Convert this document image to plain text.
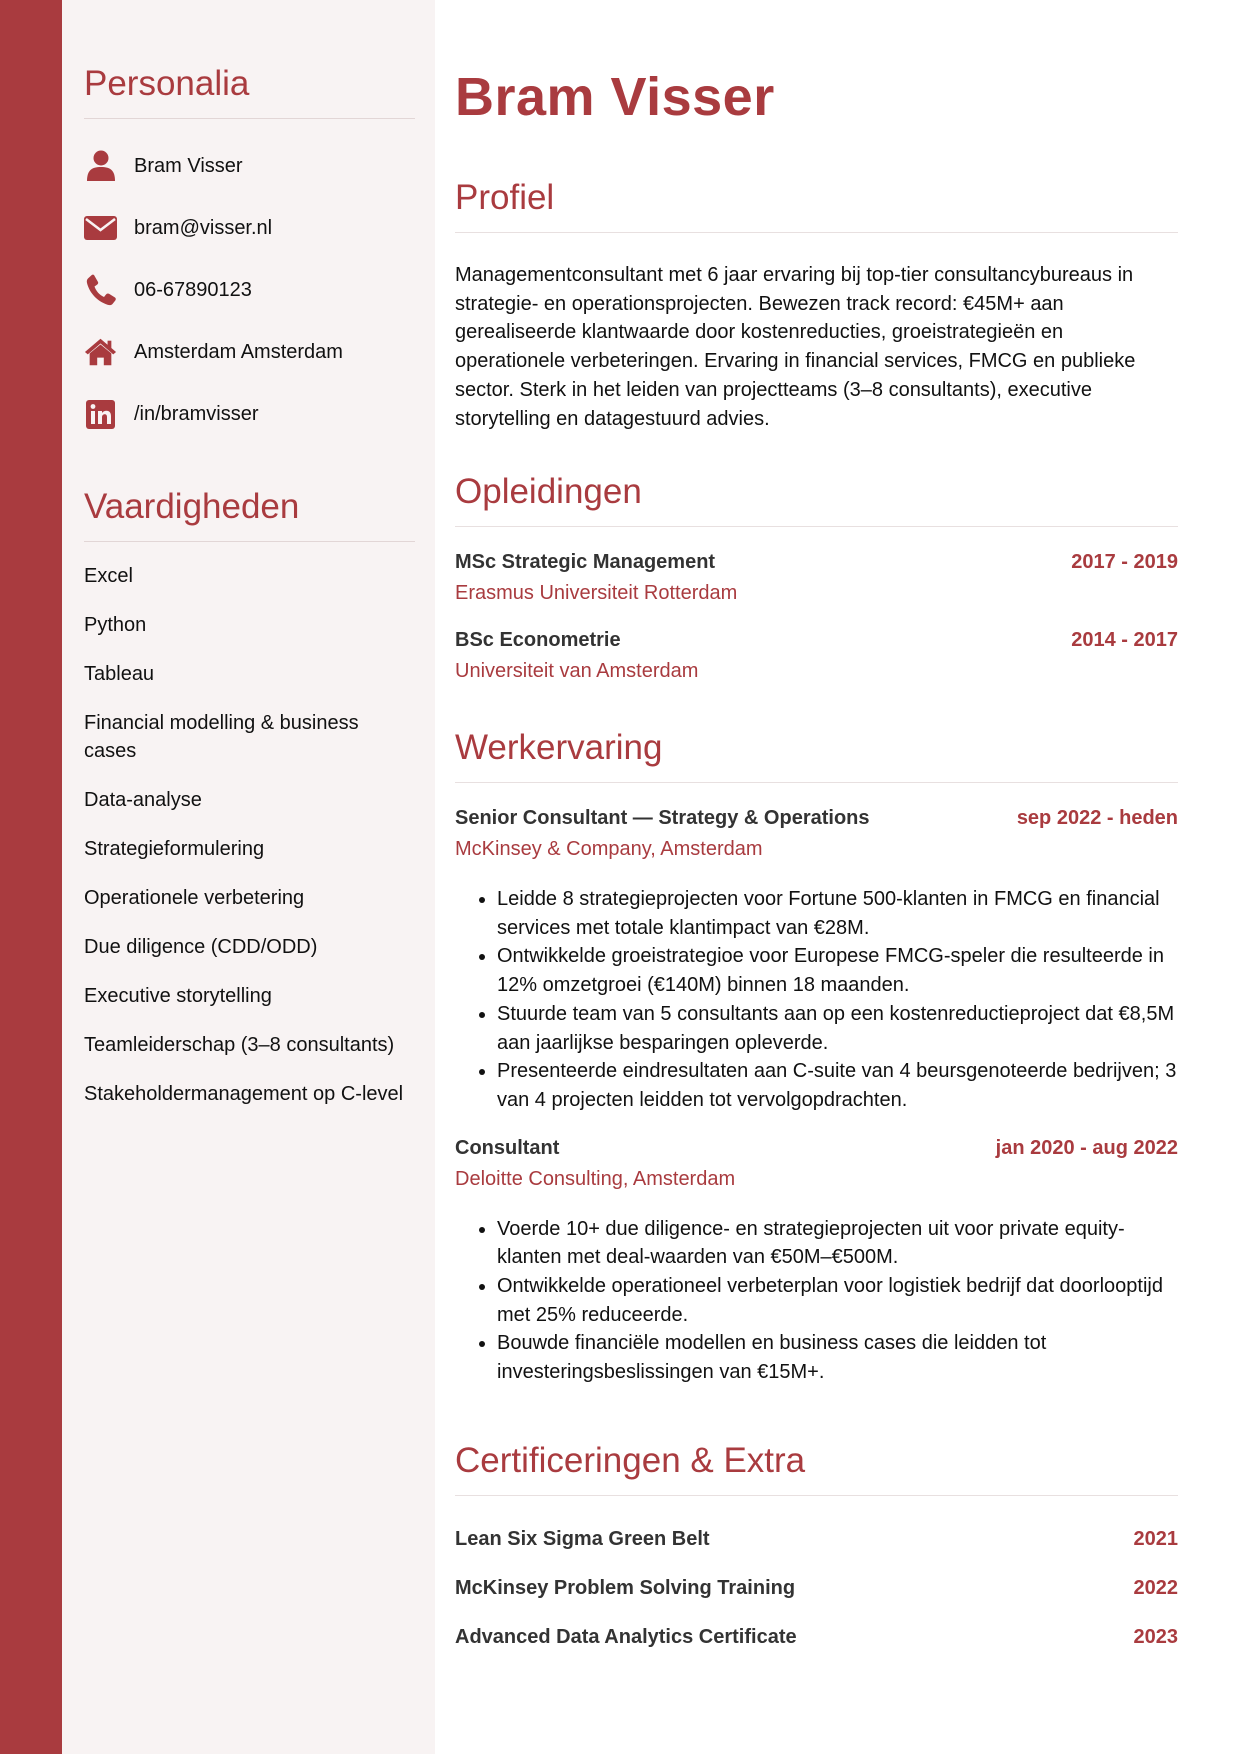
Personalia
Bram Visser
bram@visser.nl
06-67890123
Amsterdam Amsterdam
/in/bramvisser
Vaardigheden
Excel
Python
Tableau
Financial modelling & business cases
Data-analyse
Strategieformulering
Operationele verbetering
Due diligence (CDD/ODD)
Executive storytelling
Teamleiderschap (3–8 consultants)
Stakeholdermanagement op C-level
Bram Visser
Profiel

Managementconsultant met 6 jaar ervaring bij top-tier consultancybureaus in strategie- en operationsprojecten. Bewezen track record: €45M+ aan gerealiseerde klantwaarde door kostenreducties, groeistrategieën en operationele verbeteringen. Ervaring in financial services, FMCG en publieke sector. Sterk in het leiden van projectteams (3–8 consultants), executive storytelling en datagestuurd advies.

Opleidingen
MSc Strategic Management	2017 - 2019
Erasmus Universiteit Rotterdam
BSc Econometrie	2014 - 2017
Universiteit van Amsterdam
Werkervaring
Senior Consultant — Strategy & Operations	sep 2022 - heden
McKinsey & Company, Amsterdam
• Leidde 8 strategieprojecten voor Fortune 500-klanten in FMCG en financial services met totale klantimpact van €28M.
• Ontwikkelde groeistrategioe voor Europese FMCG-speler die resulteerde in 12% omzetgroei (€140M) binnen 18 maanden.
• Stuurde team van 5 consultants aan op een kostenreductieproject dat €8,5M aan jaarlijkse besparingen opleverde.
• Presenteerde eindresultaten aan C-suite van 4 beursgenoteerde bedrijven; 3 van 4 projecten leidden tot vervolgopdrachten.
Consultant	jan 2020 - aug 2022
Deloitte Consulting, Amsterdam
• Voerde 10+ due diligence- en strategieprojecten uit voor private equity-klanten met deal-waarden van €50M–€500M.
• Ontwikkelde operationeel verbeterplan voor logistiek bedrijf dat doorlooptijd met 25% reduceerde.
• Bouwde financiële modellen en business cases die leidden tot investeringsbeslissingen van €15M+.
Certificeringen & Extra
Lean Six Sigma Green Belt	2021
McKinsey Problem Solving Training	2022
Advanced Data Analytics Certificate	2023
